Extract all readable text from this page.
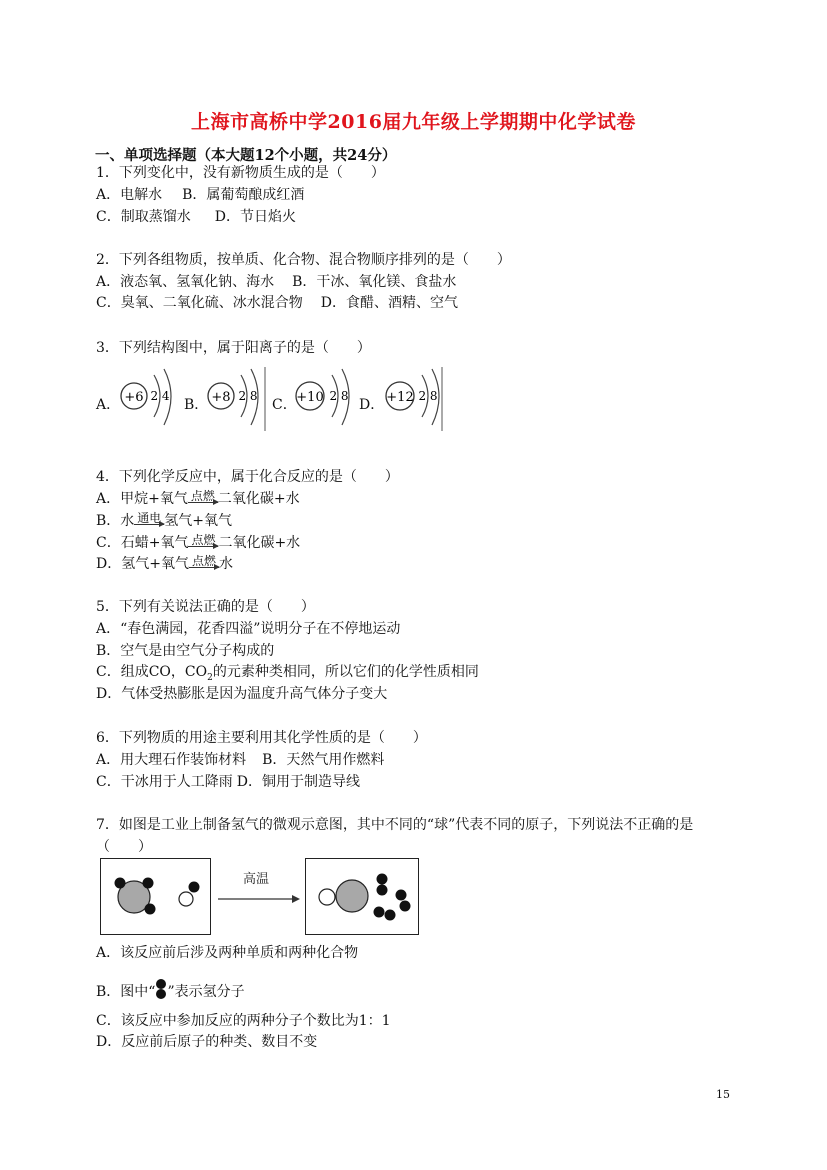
上海市高桥中学2016届九年级上学期期中化学试卷
一、单项选择题（本大题12个小题，共24分）
1．下列变化中，没有新物质生成的是（　　）
A．电解水 B．属葡萄酿成红酒
C．制取蒸馏水 D．节日焰火
2．下列各组物质，按单质、化合物、混合物顺序排列的是（　　）
A．液态氧、氢氧化钠、海水 B．干冰、氧化镁、食盐水
C．臭氧、二氧化硫、冰水混合物 D．食醋、酒精、空气
3．下列结构图中，属于阳离子的是（　　）
A． +6 2 4
B． +8 2 8
C． +10 2 8
D． +12 2 8
4．下列化学反应中，属于化合反应的是（　　）
A．甲烷+氧气 点燃 二氧化碳+水
B．水 通电 氢气+氧气
C．石蜡+氧气 点燃 二氧化碳+水
D．氢气+氧气 点燃 水
5．下列有关说法正确的是（　　）
A．“春色满园，花香四溢”说明分子在不停地运动
B．空气是由空气分子构成的
C．组成CO，$CO_2$的元素种类相同，所以它们的化学性质相同
D．气体受热膨胀是因为温度升高气体分子变大
6．下列物质的用途主要利用其化学性质的是（　　）
A．用大理石作装饰材料 B．天然气用作燃料
C．干冰用于人工降雨 D．铜用于制造导线
7．如图是工业上制备氢气的微观示意图，其中不同的“球”代表不同的原子，下列说法不正确的是
（　　）
高温
A．该反应前后涉及两种单质和两种化合物
B．图中“ ”表示氢分子
C．该反应中参加反应的两种分子个数比为1：1
D．反应前后原子的种类、数目不变
15
